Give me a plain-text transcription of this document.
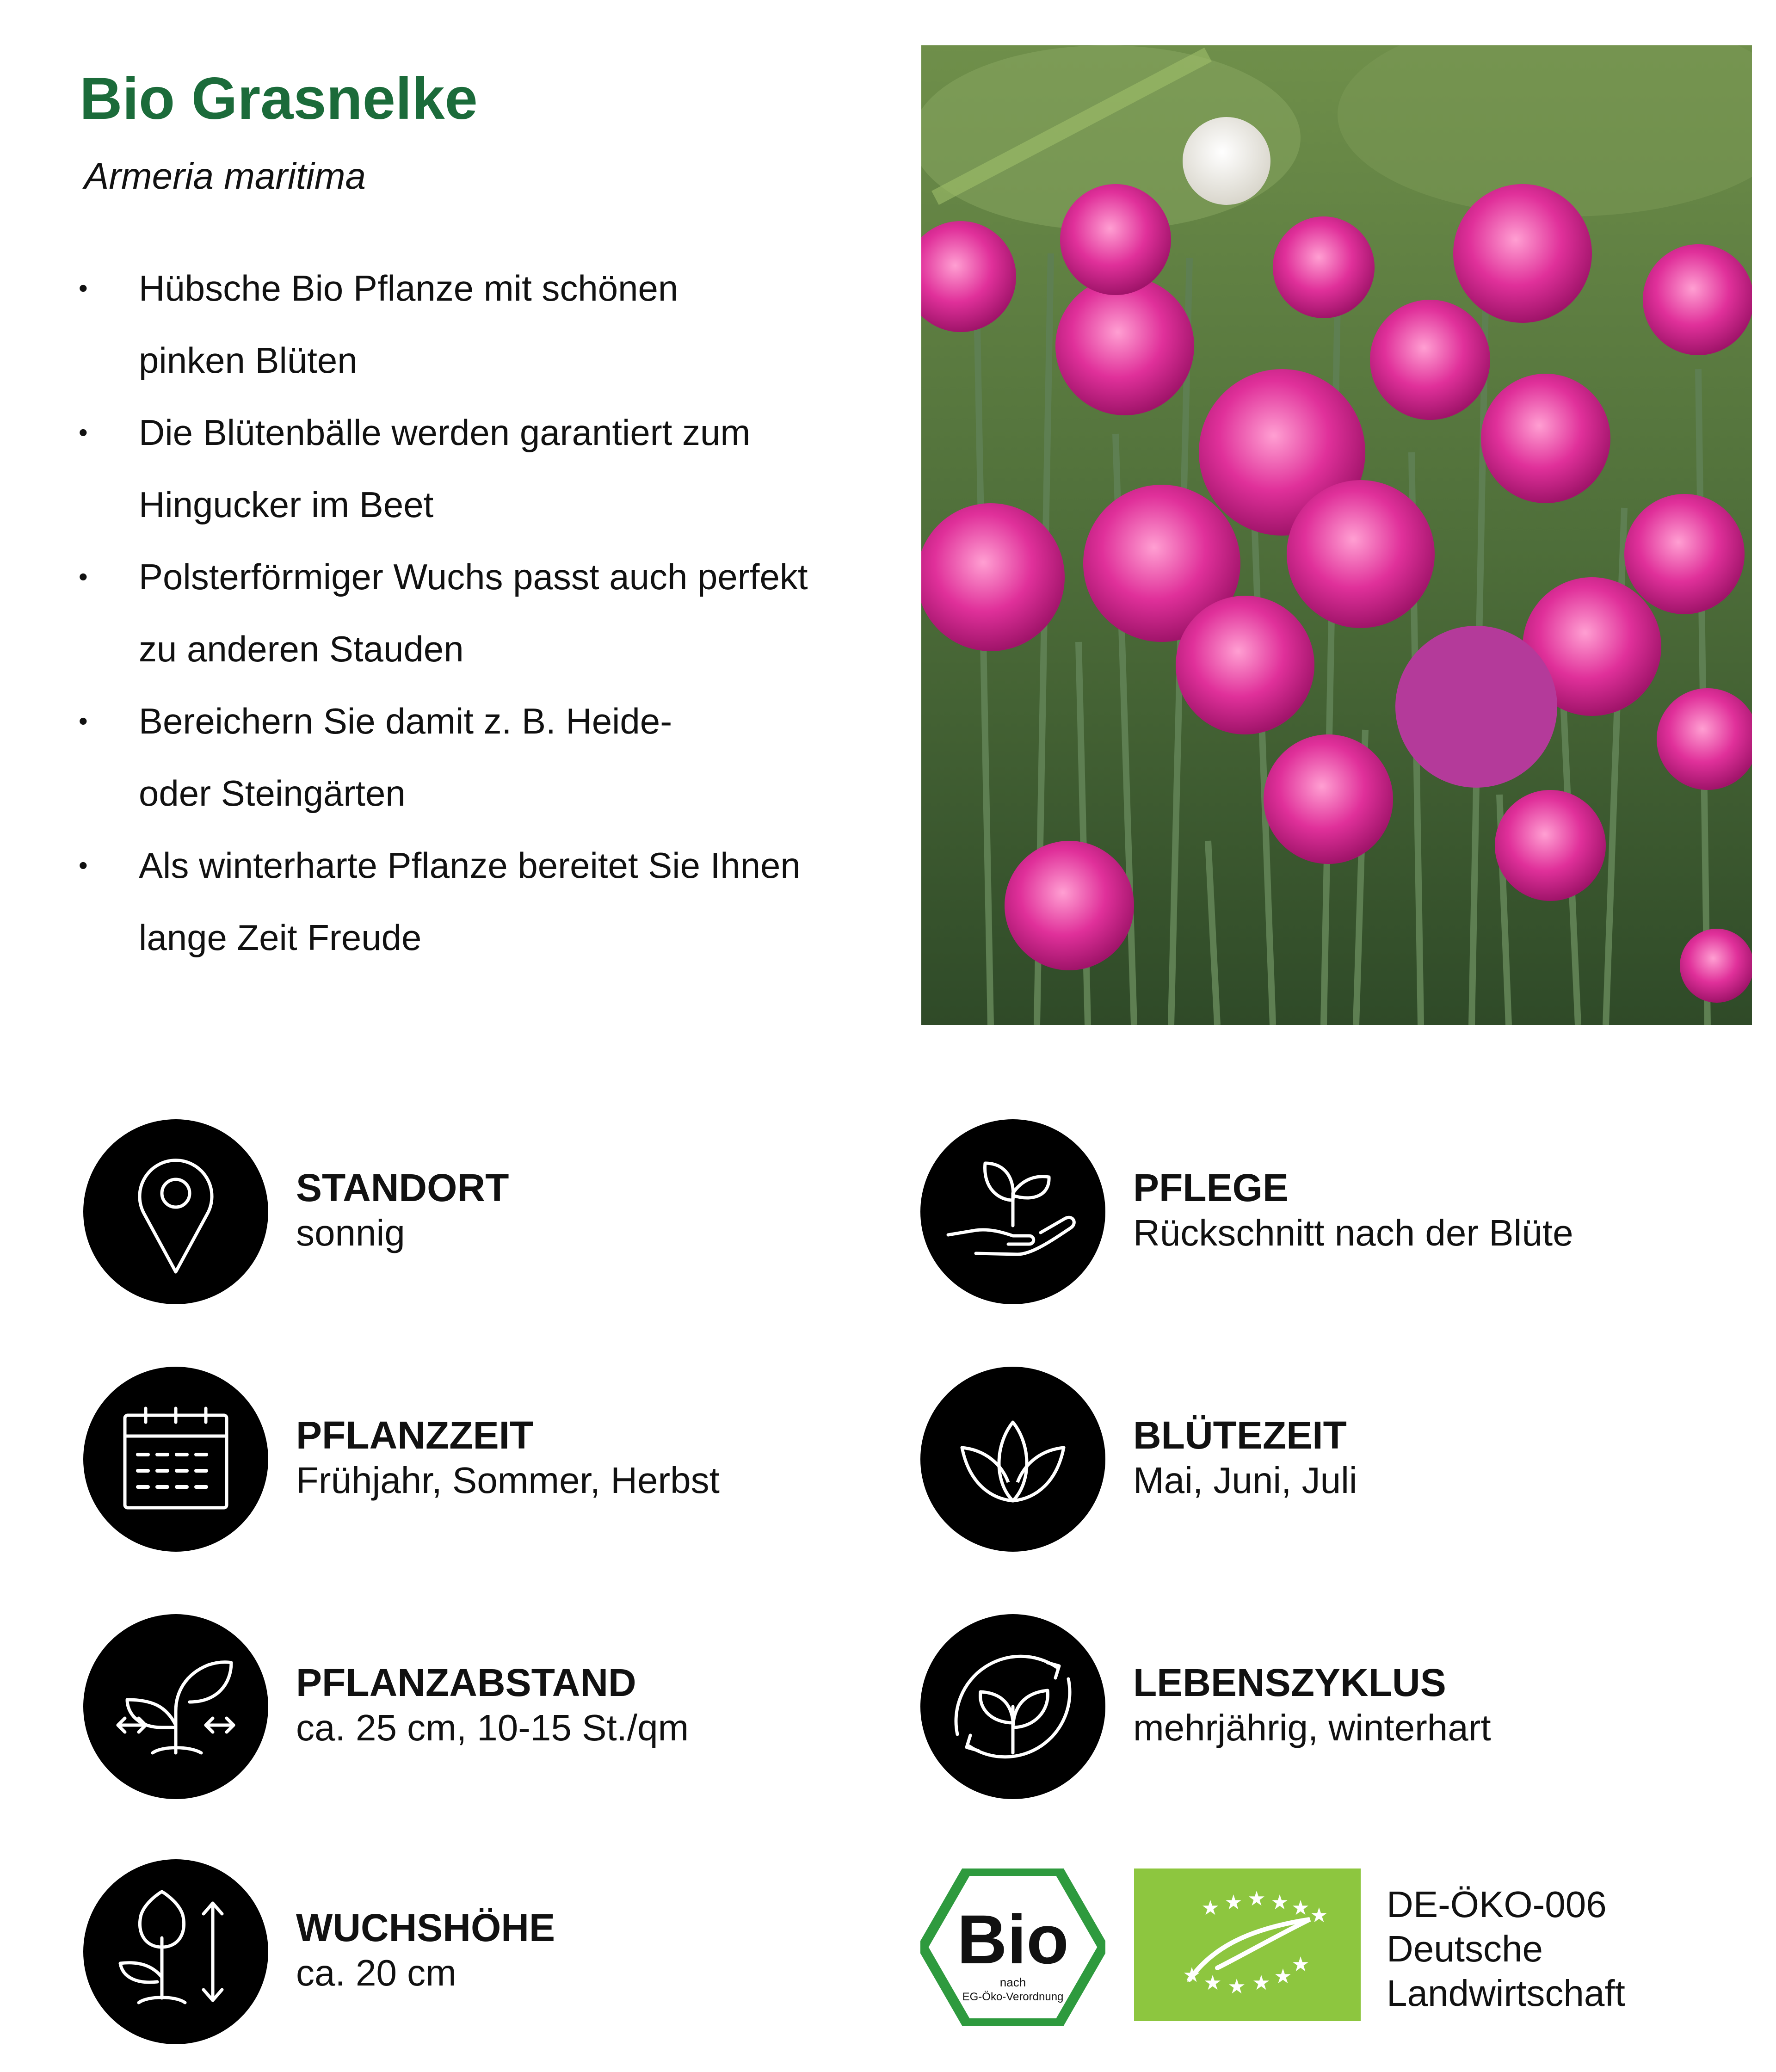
Bio Grasnelke
Armeria maritima
• Hübsche Bio Pflanze mit schönen
pinken Blüten
• Die Blütenbälle werden garantiert zum
Hingucker im Beet
• Polsterförmiger Wuchs passt auch perfekt
zu anderen Stauden
• Bereichern Sie damit z. B. Heide-
oder Steingärten
• Als winterharte Pflanze bereitet Sie Ihnen
lange Zeit Freude
STANDORT
sonnig
PFLEGE
Rückschnitt nach der Blüte
PFLANZZEIT
Frühjahr, Sommer, Herbst
BLÜTEZEIT
Mai, Juni, Juli
PFLANZABSTAND
ca. 25 cm, 10-15 St./qm
LEBENSZYKLUS
mehrjährig, winterhart
WUCHSHÖHE
ca. 20 cm	Bio
nach
EG-Öko-Verordnung
★ ★ ★ ★ ★ ★
★ ★ ★ ★ ★
★
DE-ÖKO-006
Deutsche
Landwirtschaft
